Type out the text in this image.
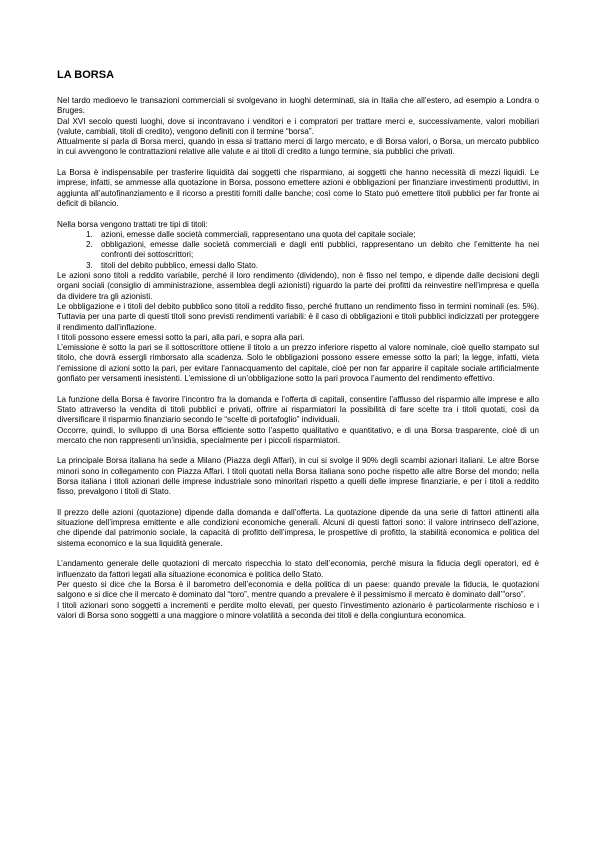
LA BORSA

Nel tardo medioevo le transazioni commerciali si svolgevano in luoghi determinati, sia in Italia che all’estero, ad esempio a Londra o Bruges.

Dal XVI secolo questi luoghi, dove si incontravano i venditori e i compratori per trattare merci e, successivamente, valori mobiliari (valute, cambiali, titoli di credito), vengono definiti con il termine “borsa”.

Attualmente si parla di Borsa merci, quando in essa si trattano merci di largo mercato, e di Borsa valori, o Borsa, un mercato pubblico in cui avvengono le contrattazioni relative alle valute e ai titoli di credito a lungo termine, sia pubblici che privati.

La Borsa è indispensabile per trasferire liquidità dai soggetti che risparmiano, ai soggetti che hanno necessità di mezzi liquidi. Le imprese, infatti, se ammesse alla quotazione in Borsa, possono emettere azioni e obbligazioni per finanziare investimenti produttivi, in aggiunta all’autofinanziamento e il ricorso a prestiti forniti dalle banche; così come lo Stato può emettere titoli pubblici per far fronte ai deficit di bilancio.

Nella borsa vengono trattati tre tipi di titoli:

1. azioni, emesse dalle società commerciali, rappresentano una quota del capitale sociale;
2. obbligazioni, emesse dalle società commerciali e dagli enti pubblici, rappresentano un debito che l’emittente ha nei confronti dei sottoscrittori;
3. titoli del debito pubblico, emessi dallo Stato.

Le azioni sono titoli a reddito variabile, perché il loro rendimento (dividendo), non è fisso nel tempo, e dipende dalle decisioni degli organi sociali (consiglio di amministrazione, assemblea degli azionisti) riguardo la parte dei profitti da reinvestire nell’impresa e quella da dividere tra gli azionisti.

Le obbligazione e i titoli del debito pubblico sono titoli a reddito fisso, perché fruttano un rendimento fisso in termini nominali (es. 5%). Tuttavia per una parte di questi titoli sono previsti rendimenti variabili: è il caso di obbligazioni e titoli pubblici indicizzati per proteggere il rendimento dall’inflazione.

I titoli possono essere emessi sotto la pari, alla pari, e sopra alla pari.

L’emissione è sotto la pari se il sottoscrittore ottiene il titolo a un prezzo inferiore rispetto al valore nominale, cioè quello stampato sul titolo, che dovrà essergli rimborsato alla scadenza. Solo le obbligazioni possono essere emesse sotto la pari; la legge, infatti, vieta l’emissione di azioni sotto la pari, per evitare l’annacquamento del capitale, cioè per non far apparire il capitale sociale artificialmente gonfiato per versamenti inesistenti. L’emissione di un’obbligazione sotto la pari provoca l’aumento del rendimento effettivo.

La funzione della Borsa è favorire l’incontro fra la domanda e l’offerta di capitali, consentire l’afflusso del risparmio alle imprese e allo Stato attraverso la vendita di titoli pubblici e privati, offrire ai risparmiatori la possibilità di fare scelte tra i titoli quotati, così da diversificare il risparmio finanziario secondo le “scelte di portafoglio” individuali.

Occorre, quindi, lo sviluppo di una Borsa efficiente sotto l’aspetto qualitativo e quantitativo, e di una Borsa trasparente, cioè di un mercato che non rappresenti un’insidia, specialmente per i piccoli risparmiatori.

La principale Borsa italiana ha sede a Milano (Piazza degli Affari), in cui si svolge il 90% degli scambi azionari italiani. Le altre Borse minori sono in collegamento con Piazza Affari. I titoli quotati nella Borsa italiana sono poche rispetto alle altre Borse del mondo; nella Borsa italiana i titoli azionari delle imprese industriale sono minoritari rispetto a quelli delle imprese finanziarie, e per i titoli a reddito fisso, prevalgono i titoli di Stato.

Il prezzo delle azioni (quotazione) dipende dalla domanda e dall’offerta. La quotazione dipende da una serie di fattori attinenti alla situazione dell’impresa emittente e alle condizioni economiche generali. Alcuni di questi fattori sono: il valore intrinseco dell’azione, che dipende dal patrimonio sociale, la capacità di profitto dell’impresa, le prospettive di profitto, la stabilità economica e politica del sistema economico e la sua liquidità generale.

L’andamento generale delle quotazioni di mercato rispecchia lo stato dell’economia, perché misura la fiducia degli operatori, ed è influenzato da fattori legati alla situazione economica e politica dello Stato.

Per questo si dice che la Borsa è il barometro dell’economia e della politica di un paese: quando prevale la fiducia, le quotazioni salgono e si dice che il mercato è dominato dal “toro”, mentre quando a prevalere è il pessimismo il mercato è dominato dall’”orso”.

I titoli azionari sono soggetti a incrementi e perdite molto elevati, per questo l’investimento azionario è particolarmente rischioso e i valori di Borsa sono soggetti a una maggiore o minore volatilità a seconda dei titoli e della congiuntura economica.
